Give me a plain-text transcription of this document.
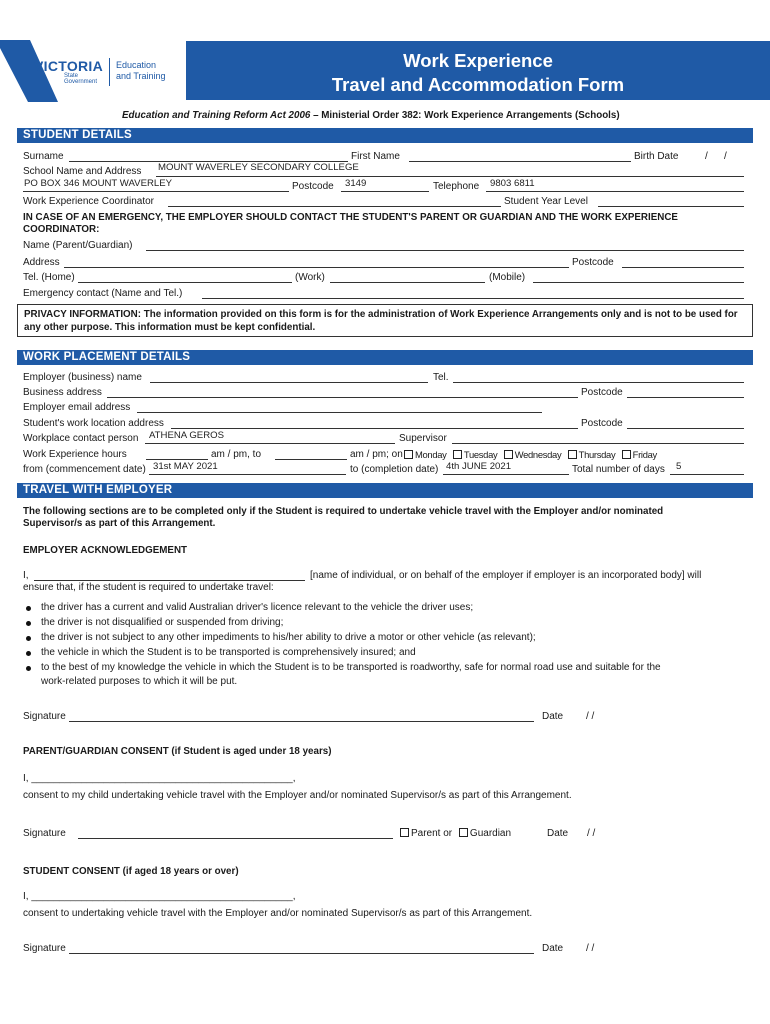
VICTORIA
State
Government
Education
and Training
Work Experience
Travel and Accommodation Form
Education and Training Reform Act 2006 – Ministerial Order 382: Work Experience Arrangements (Schools)
STUDENT DETAILS
Surname	First Name	Birth Date	/ /
School Name and Address MOUNT WAVERLEY SECONDARY COLLEGE
PO BOX 346 MOUNT WAVERLEY	Postcode 3149	Telephone 9803 6811
Work Experience Coordinator	Student Year Level
IN CASE OF AN EMERGENCY, THE EMPLOYER SHOULD CONTACT THE STUDENT'S PARENT OR GUARDIAN AND THE WORK EXPERIENCE COORDINATOR:
Name (Parent/Guardian)
Address	Postcode
Tel. (Home)	(Work)	(Mobile)
Emergency contact (Name and Tel.)
PRIVACY INFORMATION: The information provided on this form is for the administration of Work Experience Arrangements only and is not to be used for any other purpose. This information must be kept confidential.
WORK PLACEMENT DETAILS
Employer (business) name	Tel.
Business address	Postcode
Employer email address
Student's work location address	Postcode
Workplace contact person ATHENA GEROS	Supervisor
Work Experience hours	am / pm, to	am / pm; on	Monday Tuesday Wednesday Thursday Friday
from (commencement date) 31st MAY 2021	to (completion date) 4th JUNE 2021	Total number of days 5
TRAVEL WITH EMPLOYER
The following sections are to be completed only if the Student is required to undertake vehicle travel with the Employer and/or nominated Supervisor/s as part of this Arrangement.
EMPLOYER ACKNOWLEDGEMENT
I,	[name of individual, or on behalf of the employer if employer is an incorporated body] will
ensure that, if the student is required to undertake travel:
the driver has a current and valid Australian driver's licence relevant to the vehicle the driver uses;
the driver is not disqualified or suspended from driving;
the driver is not subject to any other impediments to his/her ability to drive a motor or other vehicle (as relevant);
the vehicle in which the Student is to be transported is comprehensively insured; and
to the best of my knowledge the vehicle in which the Student is to be transported is roadworthy, safe for normal road use and suitable for the
work-related purposes to which it will be put.
Signature	Date / /
PARENT/GUARDIAN CONSENT (if Student is aged under 18 years)
I, _______________________________________________,
consent to my child undertaking vehicle travel with the Employer and/or nominated Supervisor/s as part of this Arrangement.
Signature	Parent or Guardian	Date / /
STUDENT CONSENT (if aged 18 years or over)
I, _______________________________________________,
consent to undertaking vehicle travel with the Employer and/or nominated Supervisor/s as part of this Arrangement.
Signature	Date / /
